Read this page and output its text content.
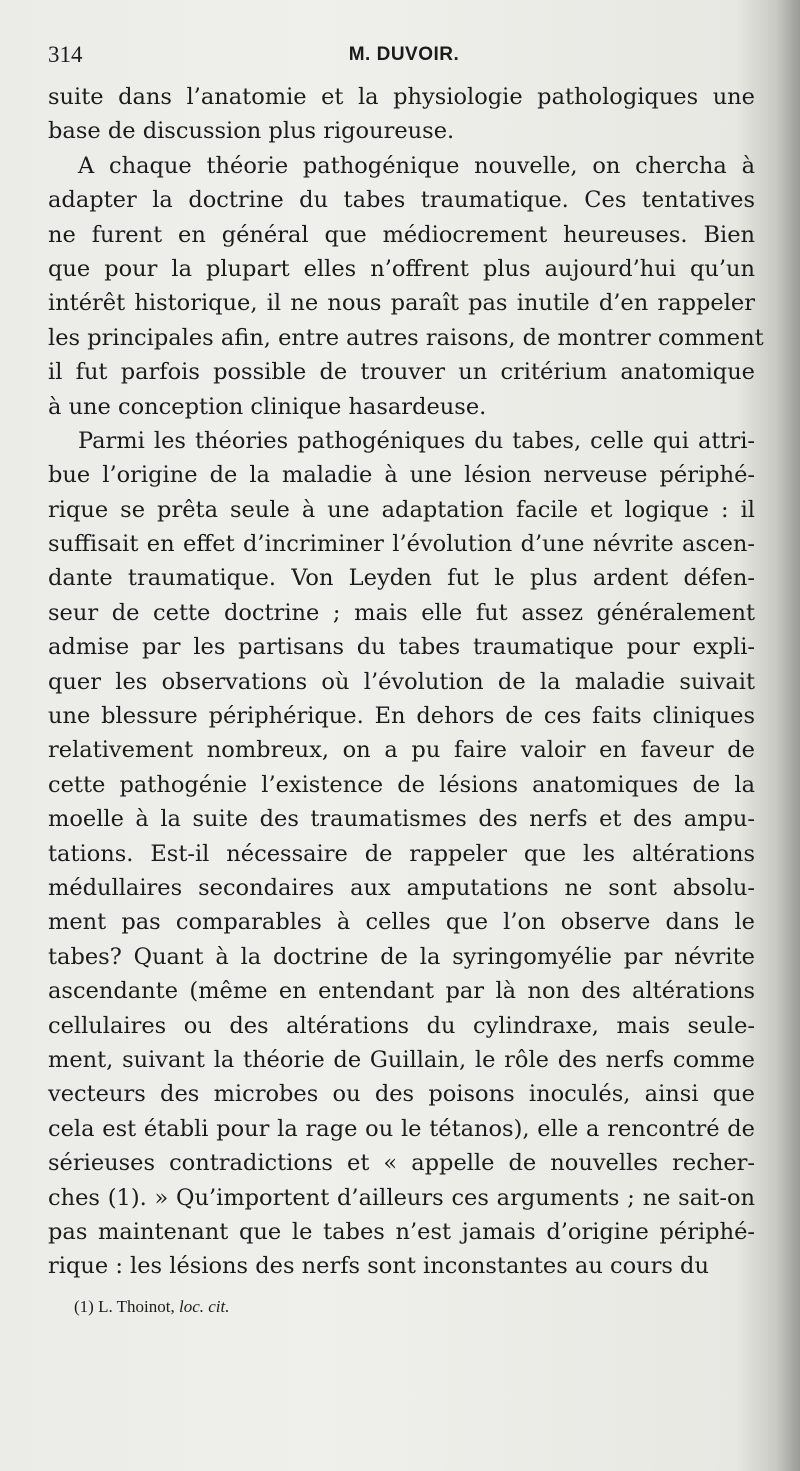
314	M. DUVOIR.
suite dans l’anatomie et la physiologie pathologiques une
base de discussion plus rigoureuse.
A chaque théorie pathogénique nouvelle, on chercha à
adapter la doctrine du tabes traumatique. Ces tentatives
ne furent en général que médiocrement heureuses. Bien
que pour la plupart elles n’offrent plus aujourd’hui qu’un
intérêt historique, il ne nous paraît pas inutile d’en rappeler
les principales afin, entre autres raisons, de montrer comment
il fut parfois possible de trouver un critérium anatomique
à une conception clinique hasardeuse.
Parmi les théories pathogéniques du tabes, celle qui attri-
bue l’origine de la maladie à une lésion nerveuse périphé-
rique se prêta seule à une adaptation facile et logique : il
suffisait en effet d’incriminer l’évolution d’une névrite ascen-
dante traumatique. Von Leyden fut le plus ardent défen-
seur de cette doctrine ; mais elle fut assez généralement
admise par les partisans du tabes traumatique pour expli-
quer les observations où l’évolution de la maladie suivait
une blessure périphérique. En dehors de ces faits cliniques
relativement nombreux, on a pu faire valoir en faveur de
cette pathogénie l’existence de lésions anatomiques de la
moelle à la suite des traumatismes des nerfs et des ampu-
tations. Est-il nécessaire de rappeler que les altérations
médullaires secondaires aux amputations ne sont absolu-
ment pas comparables à celles que l’on observe dans le
tabes? Quant à la doctrine de la syringomyélie par névrite
ascendante (même en entendant par là non des altérations
cellulaires ou des altérations du cylindraxe, mais seule-
ment, suivant la théorie de Guillain, le rôle des nerfs comme
vecteurs des microbes ou des poisons inoculés, ainsi que
cela est établi pour la rage ou le tétanos), elle a rencontré de
sérieuses contradictions et « appelle de nouvelles recher-
ches (1). » Qu’importent d’ailleurs ces arguments ; ne sait-on
pas maintenant que le tabes n’est jamais d’origine périphé-
rique : les lésions des nerfs sont inconstantes au cours du
(1) L. Thoinot, loc. cit.
